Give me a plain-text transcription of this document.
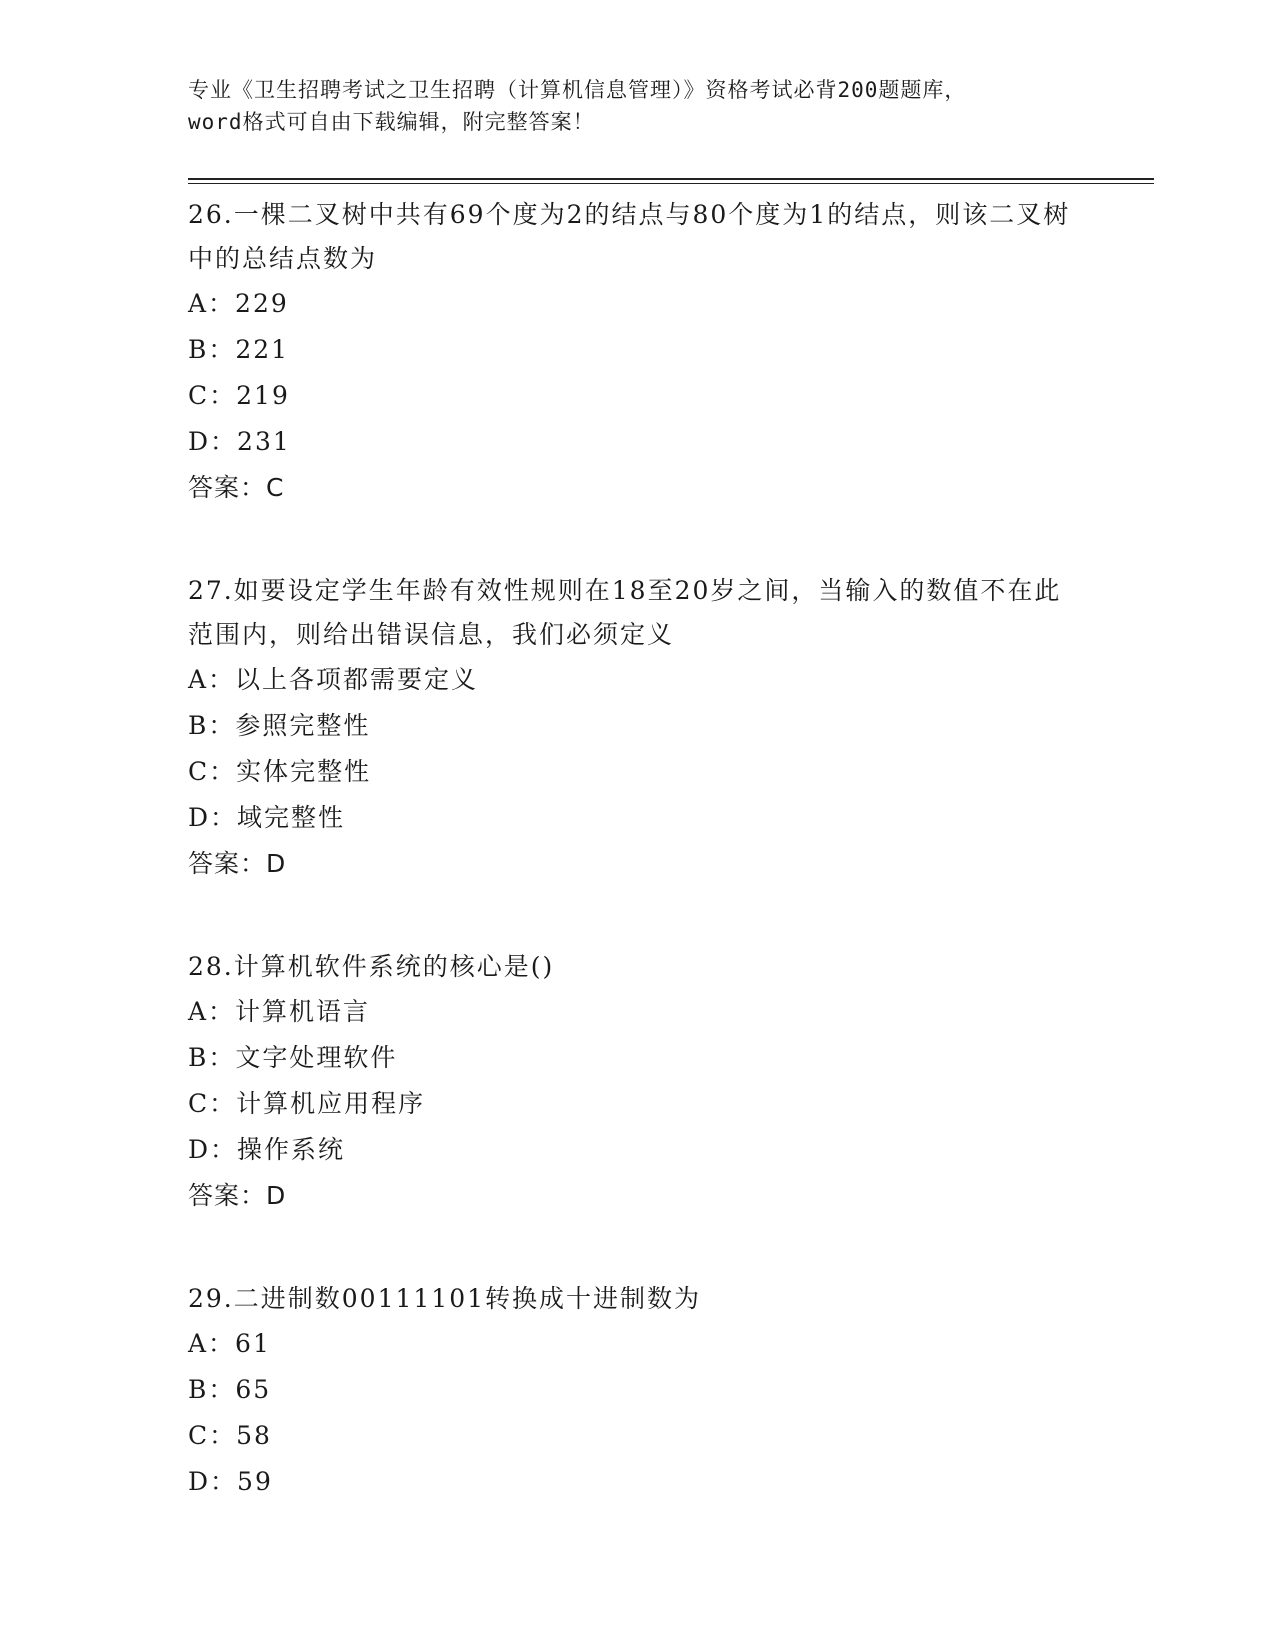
专业《卫生招聘考试之卫生招聘（计算机信息管理）》资格考试必背200题题库，
word格式可自由下载编辑，附完整答案！

26.一棵二叉树中共有69个度为2的结点与80个度为1的结点，则该二叉树中的总结点数为

A：229
B：221
C：219
D：231
答案：C

27.如要设定学生年龄有效性规则在18至20岁之间，当输入的数值不在此范围内，则给出错误信息，我们必须定义

A：以上各项都需要定义
B：参照完整性
C：实体完整性
D：域完整性
答案：D

28.计算机软件系统的核心是()

A：计算机语言
B：文字处理软件
C：计算机应用程序
D：操作系统
答案：D

29.二进制数00111101转换成十进制数为

A：61
B：65
C：58
D：59
